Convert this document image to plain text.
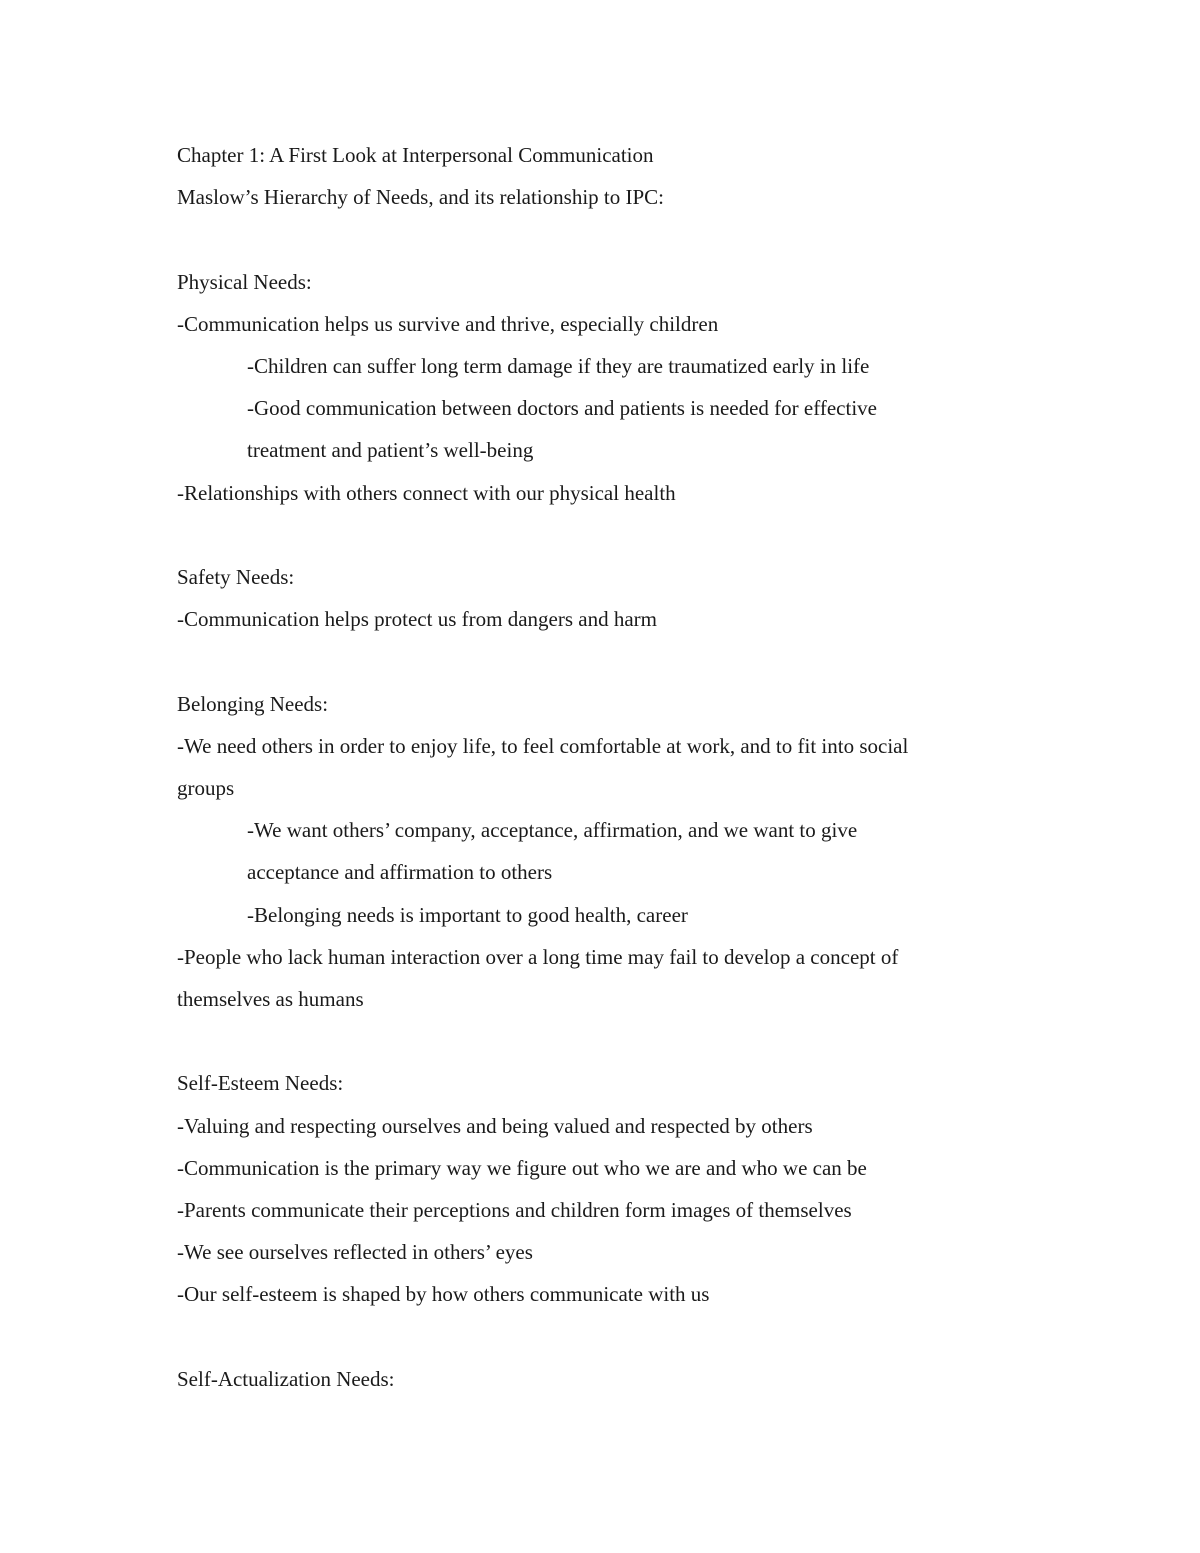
Chapter 1: A First Look at Interpersonal Communication

Maslow’s Hierarchy of Needs, and its relationship to IPC:

Physical Needs:

-Communication helps us survive and thrive, especially children

-Children can suffer long term damage if they are traumatized early in life

-Good communication between doctors and patients is needed for effective

treatment and patient’s well-being

-Relationships with others connect with our physical health

Safety Needs:

-Communication helps protect us from dangers and harm

Belonging Needs:

-We need others in order to enjoy life, to feel comfortable at work, and to fit into social

groups

-We want others’ company, acceptance, affirmation, and we want to give

acceptance and affirmation to others

-Belonging needs is important to good health, career

-People who lack human interaction over a long time may fail to develop a concept of

themselves as humans

Self-Esteem Needs:

-Valuing and respecting ourselves and being valued and respected by others

-Communication is the primary way we figure out who we are and who we can be

-Parents communicate their perceptions and children form images of themselves

-We see ourselves reflected in others’ eyes

-Our self-esteem is shaped by how others communicate with us

Self-Actualization Needs:
